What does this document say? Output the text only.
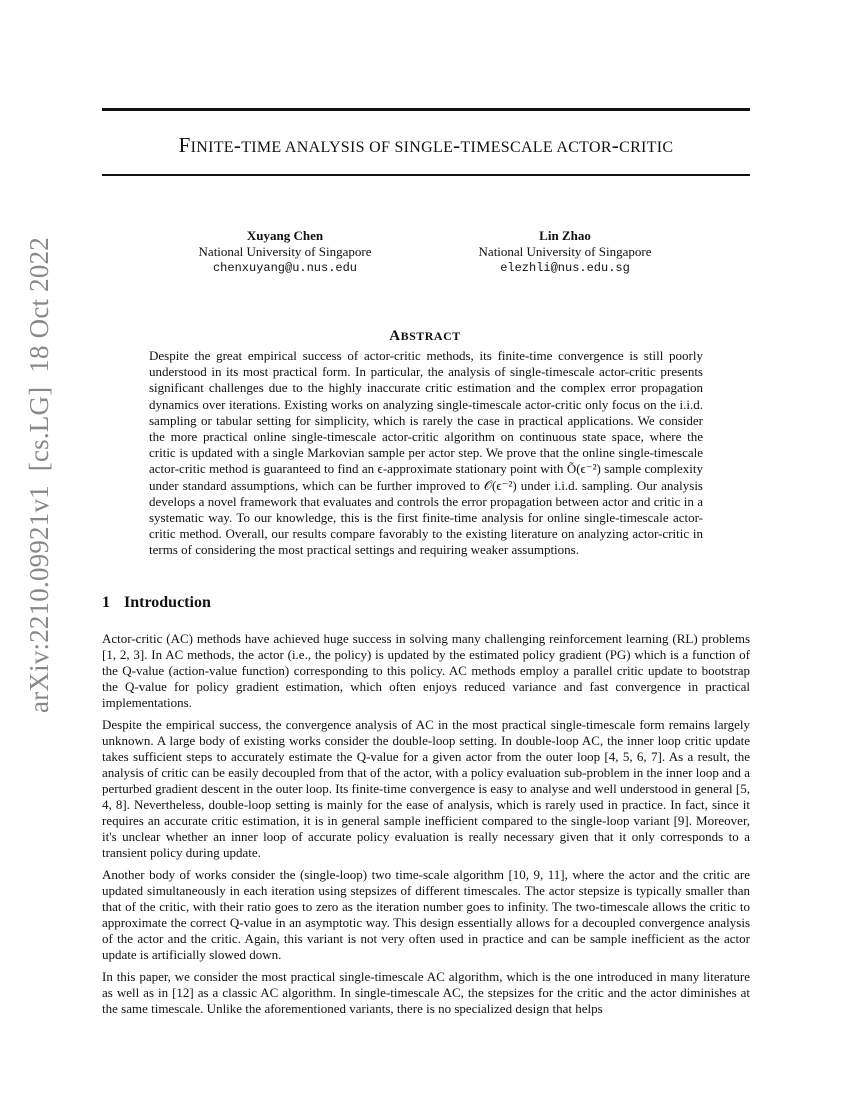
arXiv:2210.09921v1  [cs.LG]  18 Oct 2022
FINITE-TIME ANALYSIS OF SINGLE-TIMESCALE ACTOR-CRITIC
Xuyang Chen
National University of Singapore
chenxuyang@u.nus.edu
Lin Zhao
National University of Singapore
elezhli@nus.edu.sg
ABSTRACT
Despite the great empirical success of actor-critic methods, its finite-time convergence is still poorly understood in its most practical form. In particular, the analysis of single-timescale actor-critic presents significant challenges due to the highly inaccurate critic estimation and the complex error propagation dynamics over iterations. Existing works on analyzing single-timescale actor-critic only focus on the i.i.d. sampling or tabular setting for simplicity, which is rarely the case in practical applications. We consider the more practical online single-timescale actor-critic algorithm on continuous state space, where the critic is updated with a single Markovian sample per actor step. We prove that the online single-timescale actor-critic method is guaranteed to find an ϵ-approximate stationary point with Õ(ϵ⁻²) sample complexity under standard assumptions, which can be further improved to 𝒪(ϵ⁻²) under i.i.d. sampling. Our analysis develops a novel framework that evaluates and controls the error propagation between actor and critic in a systematic way. To our knowledge, this is the first finite-time analysis for online single-timescale actor-critic method. Overall, our results compare favorably to the existing literature on analyzing actor-critic in terms of considering the most practical settings and requiring weaker assumptions.
1 Introduction

Actor-critic (AC) methods have achieved huge success in solving many challenging reinforcement learning (RL) problems [1, 2, 3]. In AC methods, the actor (i.e., the policy) is updated by the estimated policy gradient (PG) which is a function of the Q-value (action-value function) corresponding to this policy. AC methods employ a parallel critic update to bootstrap the Q-value for policy gradient estimation, which often enjoys reduced variance and fast convergence in practical implementations.

Despite the empirical success, the convergence analysis of AC in the most practical single-timescale form remains largely unknown. A large body of existing works consider the double-loop setting. In double-loop AC, the inner loop critic update takes sufficient steps to accurately estimate the Q-value for a given actor from the outer loop [4, 5, 6, 7]. As a result, the analysis of critic can be easily decoupled from that of the actor, with a policy evaluation sub-problem in the inner loop and a perturbed gradient descent in the outer loop. Its finite-time convergence is easy to analyse and well understood in general [5, 4, 8]. Nevertheless, double-loop setting is mainly for the ease of analysis, which is rarely used in practice. In fact, since it requires an accurate critic estimation, it is in general sample inefficient compared to the single-loop variant [9]. Moreover, it's unclear whether an inner loop of accurate policy evaluation is really necessary given that it only corresponds to a transient policy during update.

Another body of works consider the (single-loop) two time-scale algorithm [10, 9, 11], where the actor and the critic are updated simultaneously in each iteration using stepsizes of different timescales. The actor stepsize is typically smaller than that of the critic, with their ratio goes to zero as the iteration number goes to infinity. The two-timescale allows the critic to approximate the correct Q-value in an asymptotic way. This design essentially allows for a decoupled convergence analysis of the actor and the critic. Again, this variant is not very often used in practice and can be sample inefficient as the actor update is artificially slowed down.

In this paper, we consider the most practical single-timescale AC algorithm, which is the one introduced in many literature as well as in [12] as a classic AC algorithm. In single-timescale AC, the stepsizes for the critic and the actor diminishes at the same timescale. Unlike the aforementioned variants, there is no specialized design that helps
